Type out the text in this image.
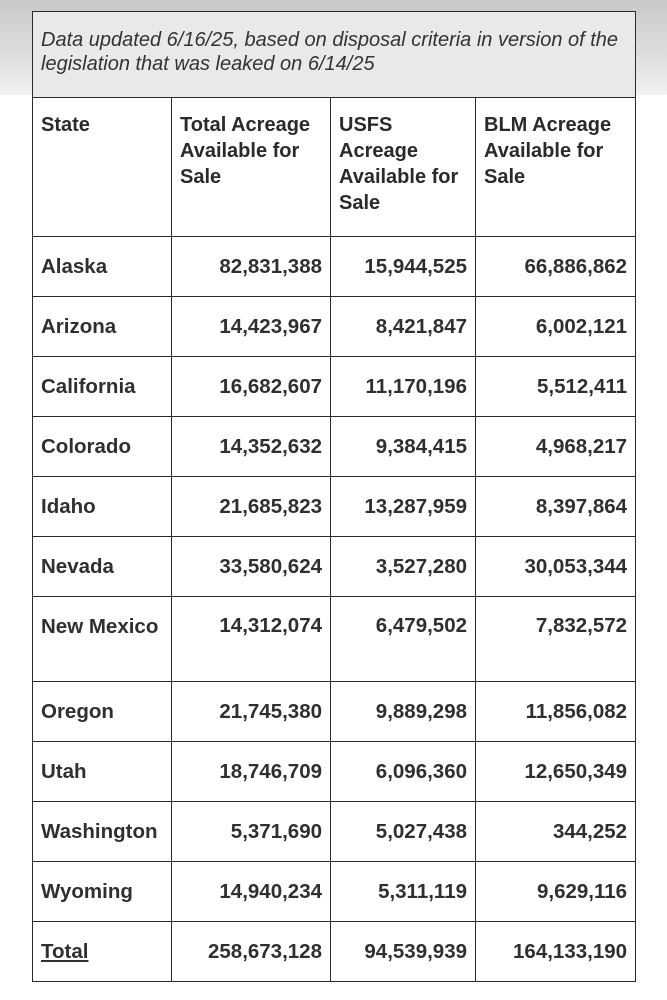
Data updated 6/16/25, based on disposal criteria in version of the legislation that was leaked on 6/14/25			
State	Total Acreage Available for Sale	USFS Acreage Available for Sale	BLM Acreage Available for Sale
Alaska	82,831,388	15,944,525	66,886,862
Arizona	14,423,967	8,421,847	6,002,121
California	16,682,607	11,170,196	5,512,411
Colorado	14,352,632	9,384,415	4,968,217
Idaho	21,685,823	13,287,959	8,397,864
Nevada	33,580,624	3,527,280	30,053,344
New Mexico	14,312,074	6,479,502	7,832,572
Oregon	21,745,380	9,889,298	11,856,082
Utah	18,746,709	6,096,360	12,650,349
Washington	5,371,690	5,027,438	344,252
Wyoming	14,940,234	5,311,119	9,629,116
Total	258,673,128	94,539,939	164,133,190
